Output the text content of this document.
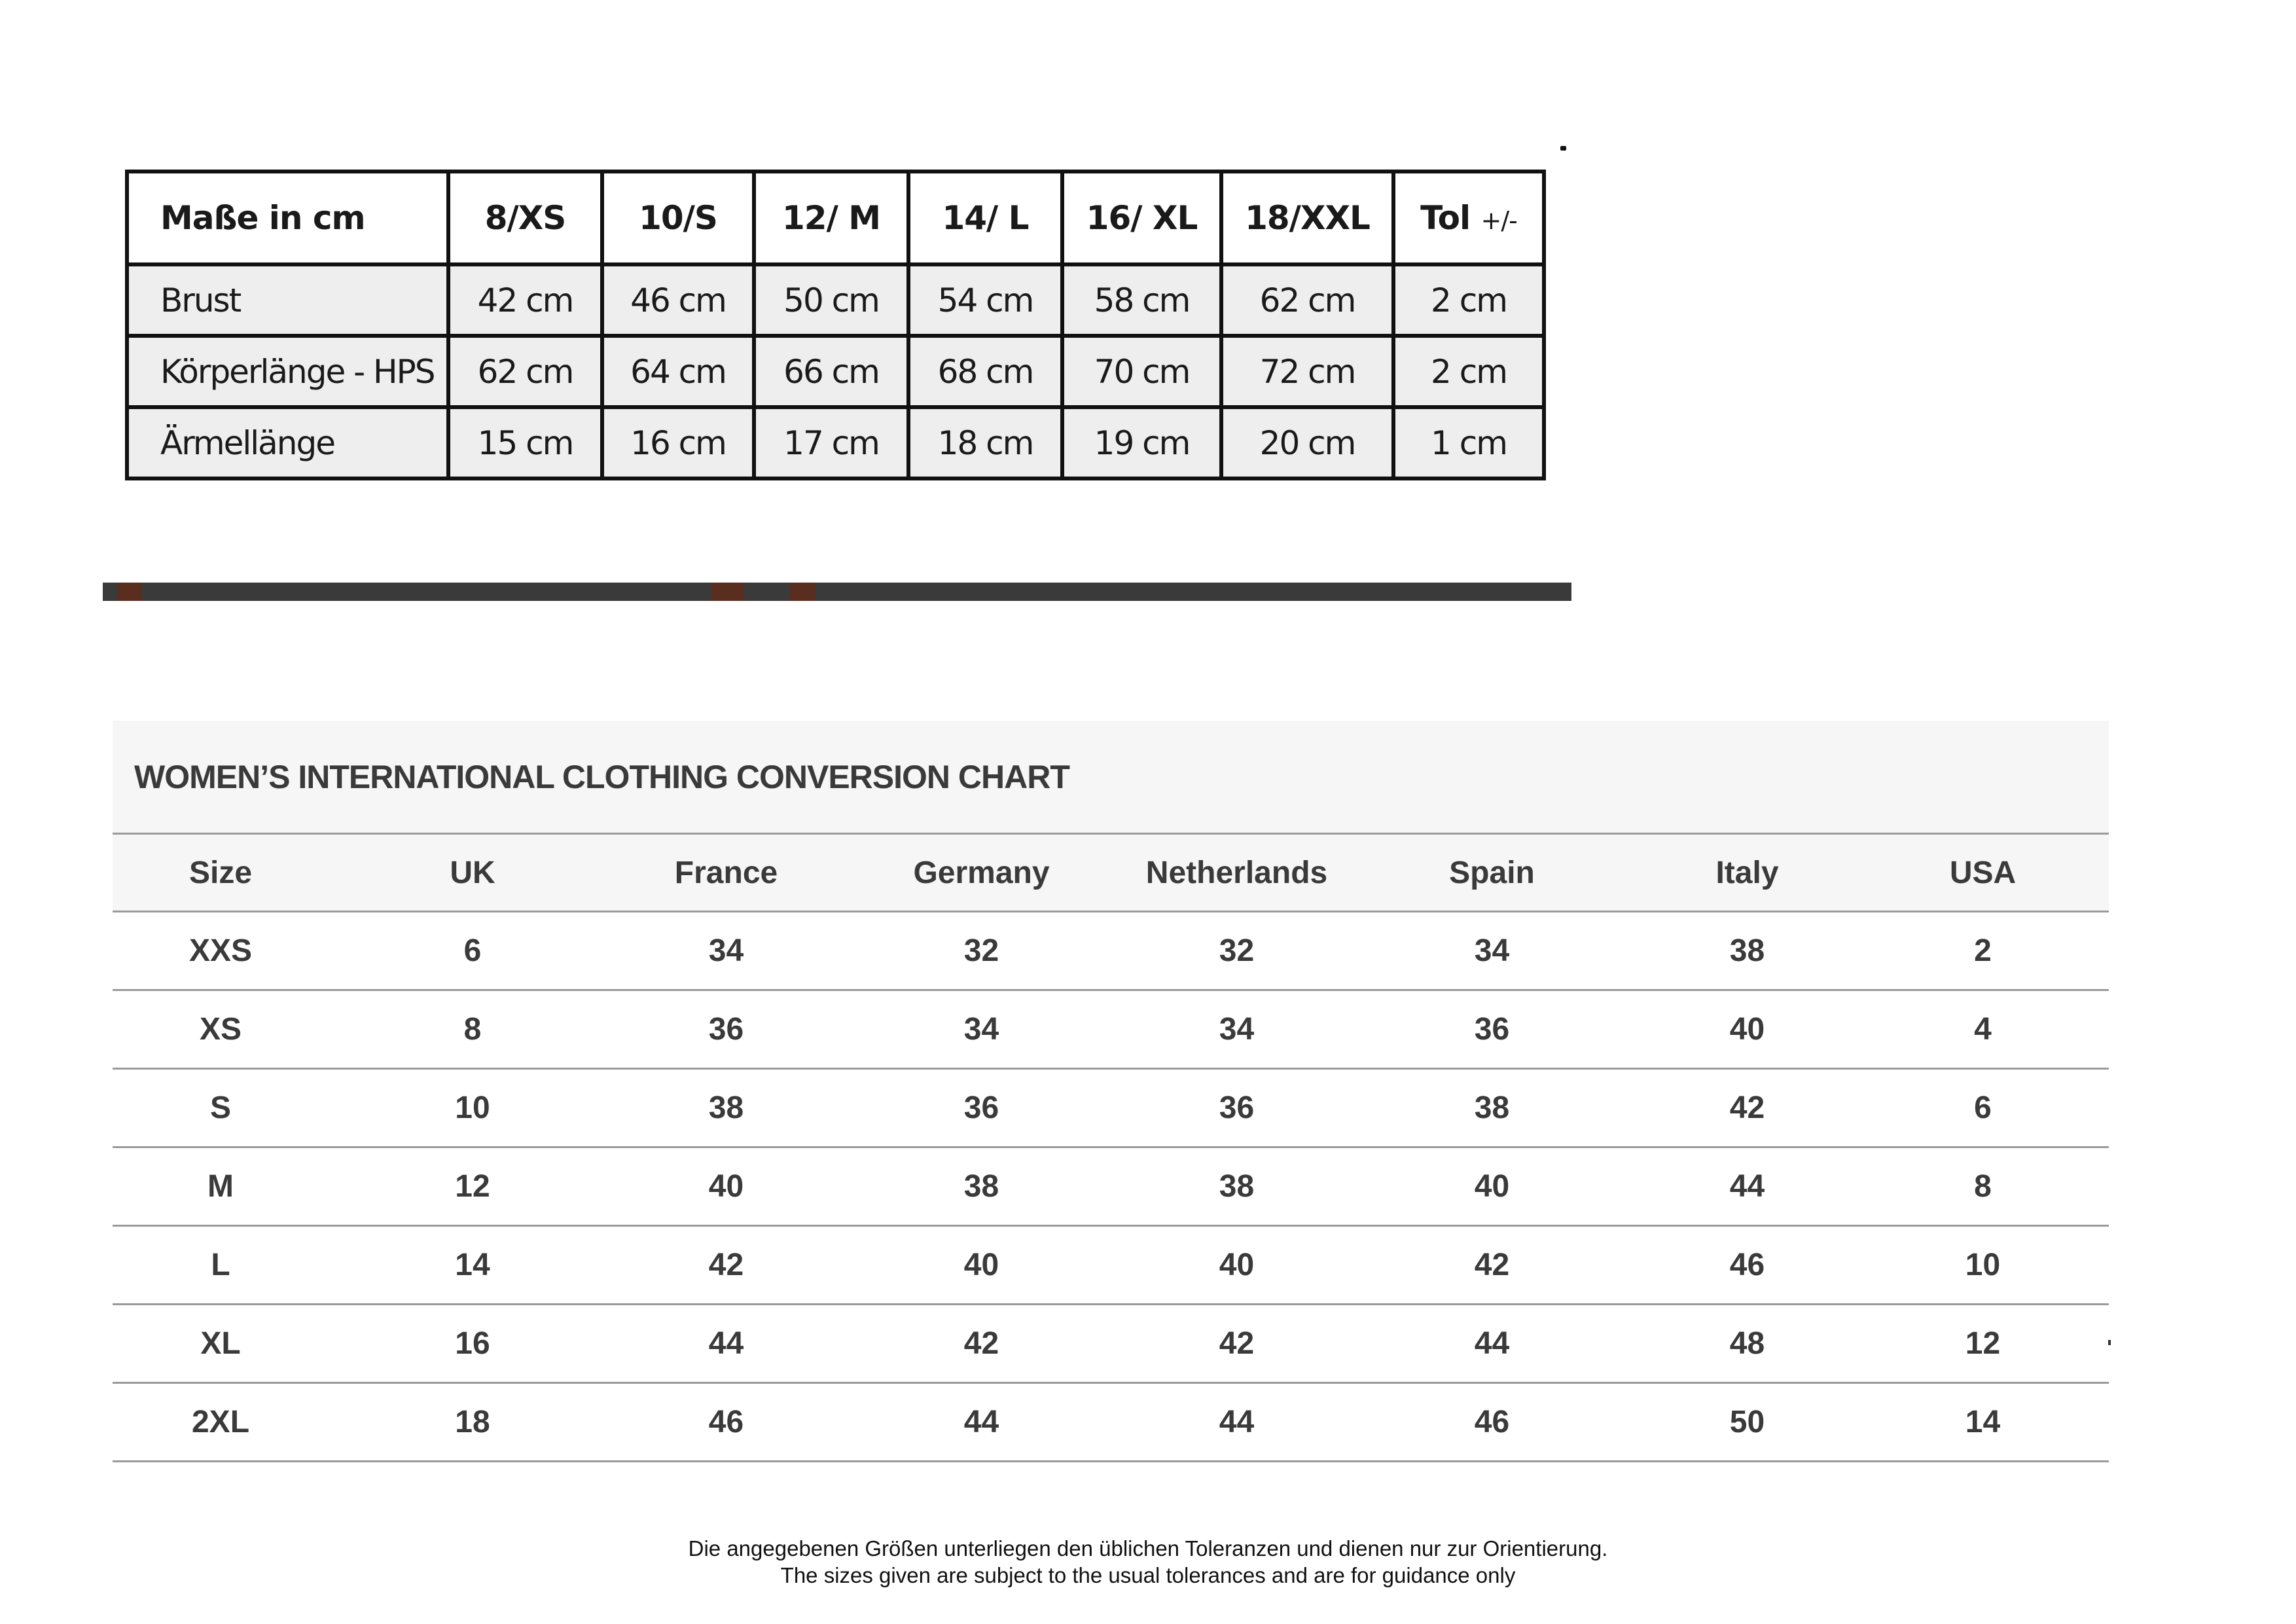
Maße in cm	8/XS	10/S	12/ M	14/ L	16/ XL	18/XXL	Tol +/-
Brust	42 cm	46 cm	50 cm	54 cm	58 cm	62 cm	2 cm
Körperlänge - HPS	62 cm	64 cm	66 cm	68 cm	70 cm	72 cm	2 cm
Ärmellänge	15 cm	16 cm	17 cm	18 cm	19 cm	20 cm	1 cm
WOMEN’S INTERNATIONAL CLOTHING CONVERSION CHART
Size	UK	France	Germany	Netherlands	Spain	Italy	USA
XXS	6	34	32	32	34	38	2
XS	8	36	34	34	36	40	4
S	10	38	36	36	38	42	6
M	12	40	38	38	40	44	8
L	14	42	40	40	42	46	10
XL	16	44	42	42	44	48	12
2XL	18	46	44	44	46	50	14
Die angegebenen Größen unterliegen den üblichen Toleranzen und dienen nur zur Orientierung.
The sizes given are subject to the usual tolerances and are for guidance only
